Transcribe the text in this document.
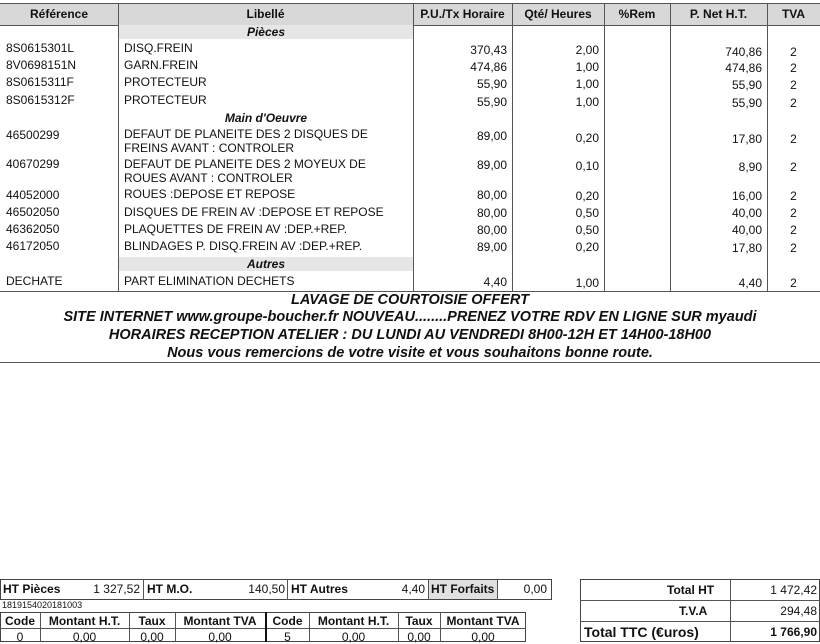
Référence	Libellé	P.U./Tx Horaire	Qté/ Heures	%Rem	P. Net H.T.	TVA
Pièces
8S0615301L	DISQ.FREIN	370,43	2,00	740,86	2
8V0698151N	GARN.FREIN	474,86	1,00	474,86	2
8S0615311F	PROTECTEUR	55,90	1,00	55,90	2
8S0615312F	PROTECTEUR	55,90	1,00	55,90	2
Main d'Oeuvre
46500299	DEFAUT DE PLANEITE DES 2 DISQUES DE
FREINS AVANT : CONTROLER
89,00	0,20	17,80	2
40670299	DEFAUT DE PLANEITE DES 2 MOYEUX DE
ROUES AVANT : CONTROLER
89,00	0,10	8,90	2
44052000	ROUES :DEPOSE ET REPOSE	80,00	0,20	16,00	2
46502050	DISQUES DE FREIN AV :DEPOSE ET REPOSE	80,00	0,50	40,00	2
46362050	PLAQUETTES DE FREIN AV :DEP.+REP.	80,00	0,50	40,00	2
46172050	BLINDAGES P. DISQ.FREIN AV :DEP.+REP.	89,00	0,20	17,80	2
Autres
DECHATE	PART ELIMINATION DECHETS	4,40	1,00	4,40	2
LAVAGE DE COURTOISIE OFFERT
SITE INTERNET www.groupe-boucher.fr NOUVEAU........PRENEZ VOTRE RDV EN LIGNE SUR myaudi
HORAIRES RECEPTION ATELIER : DU LUNDI AU VENDREDI 8H00-12H ET 14H00-18H00
Nous vous remercions de votre visite et vous souhaitons bonne route.
HT Pièces	1 327,52 HT M.O.	140,50 HT Autres	4,40 HT Forfaits	0,00
1819154020181003
Code	Montant H.T.	Taux	Montant TVA	Code	Montant H.T.	Taux	Montant TVA
0	0,00	0,00	0,00	5	0,00	0,00	0,00
Total HT	1 472,42
T.V.A	294,48
Total TTC (€uros)	1 766,90
